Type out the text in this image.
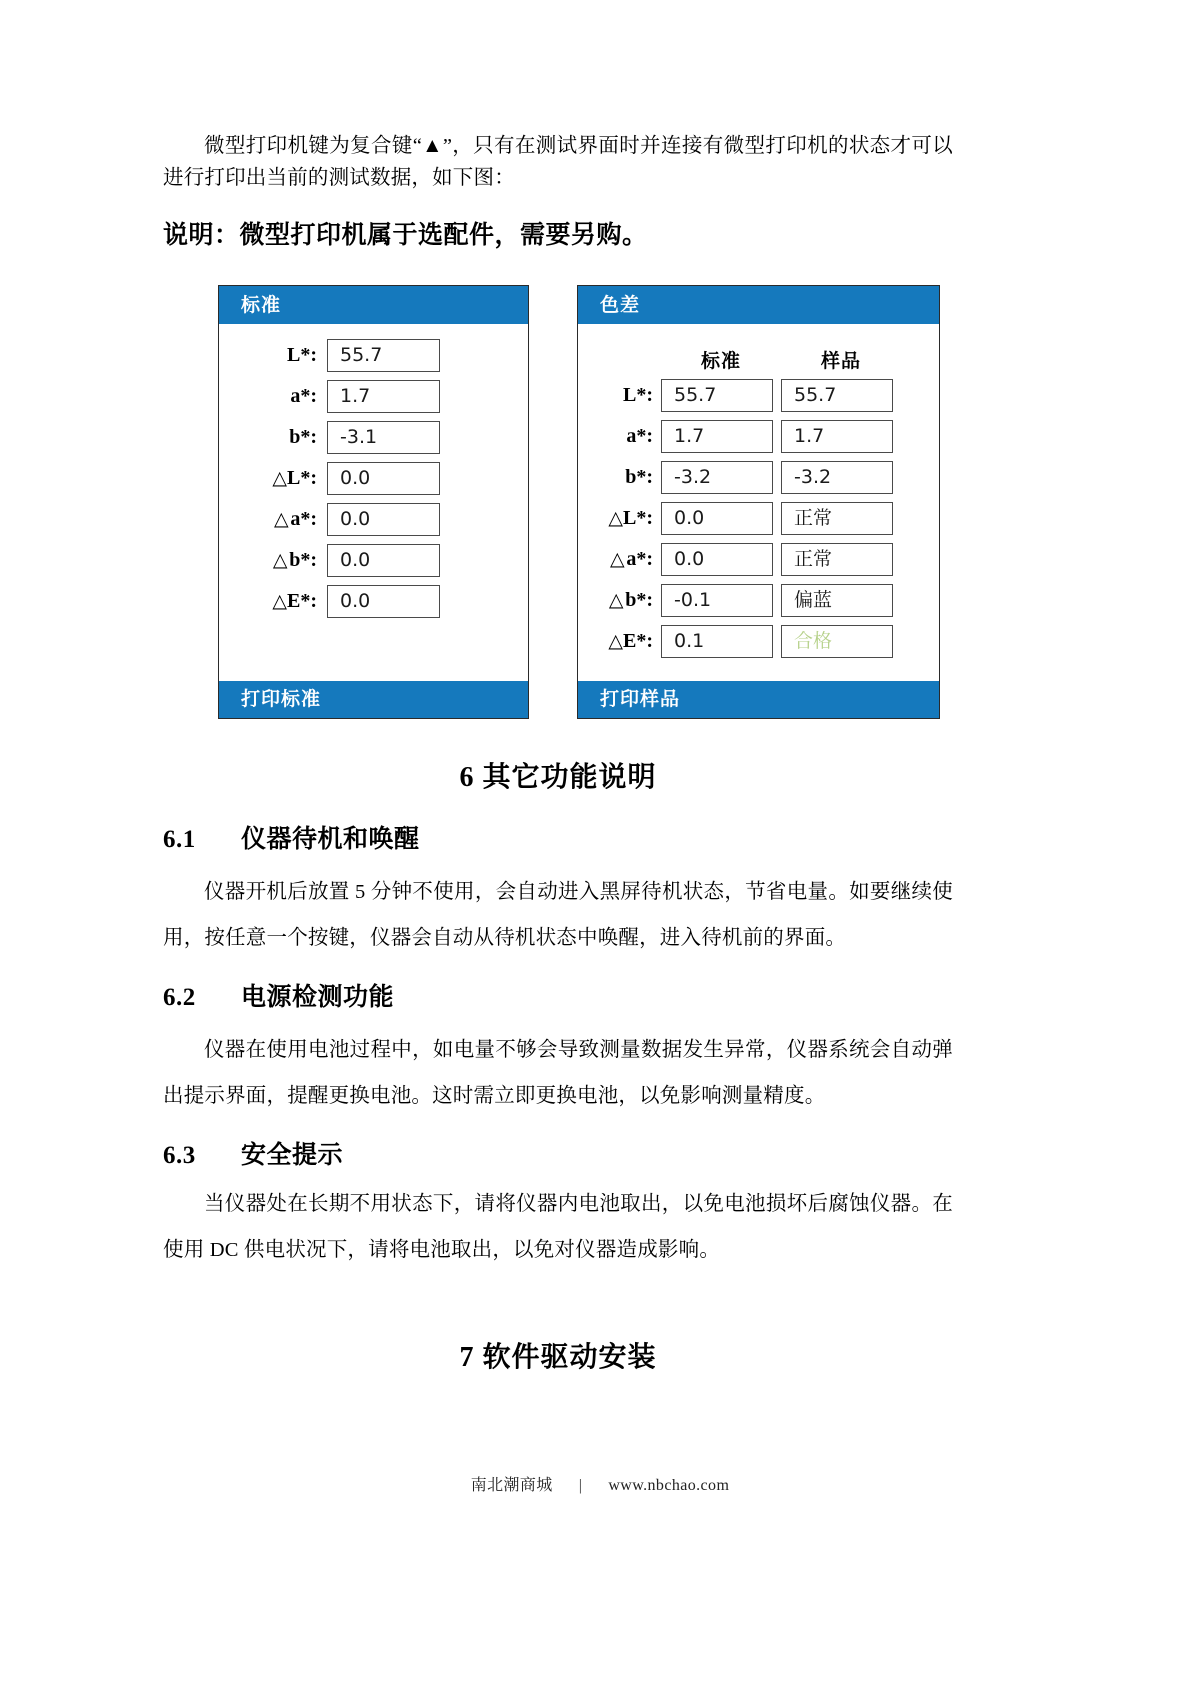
微型打印机键为复合键“▲”，只有在测试界面时并连接有微型打印机的状态才可以进行打印出当前的测试数据，如下图：

说明：微型打印机属于选配件，需要另购。

标准
L*:	55.7
a*:	1.7
b*:	-3.1
△L*:	0.0
△ a*:	0.0
△ b*:	0.0
△E*:	0.0
打印标准
色差
标准	样品
L*:	55.7	55.7
a*:	1.7	1.7
b*:	-3.2	-3.2
△L*:	0.0	正常
△ a*:	0.0	正常
△ b*:	-0.1	偏蓝
△E*:	0.1	合格
打印样品
6 其它功能说明
6.1 仪器待机和唤醒

仪器开机后放置 5 分钟不使用，会自动进入黑屏待机状态，节省电量。如要继续使用，按任意一个按键，仪器会自动从待机状态中唤醒，进入待机前的界面。

6.2 电源检测功能

仪器在使用电池过程中，如电量不够会导致测量数据发生异常，仪器系统会自动弹出提示界面，提醒更换电池。这时需立即更换电池，以免影响测量精度。

6.3 安全提示

当仪器处在长期不用状态下，请将仪器内电池取出，以免电池损坏后腐蚀仪器。在使用 DC 供电状况下，请将电池取出，以免对仪器造成影响。

7 软件驱动安装
南北潮商城 | www.nbchao.com
